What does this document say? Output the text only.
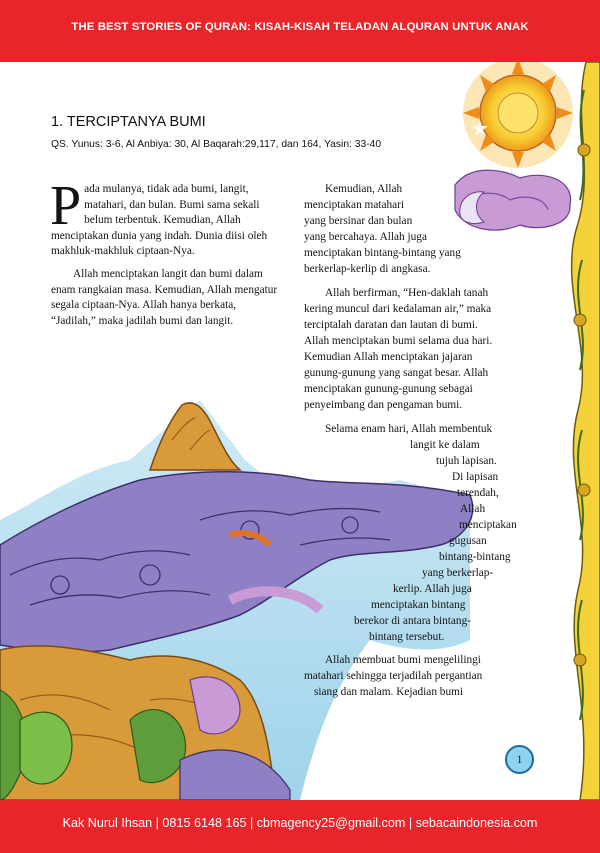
THE BEST STORIES OF QURAN: KISAH-KISAH TELADAN ALQURAN UNTUK ANAK
1. TERCIPTANYA BUMI
QS. Yunus: 3-6, Al Anbiya: 30, Al Baqarah:29,117, dan 164, Yasin: 33-40

Pada mulanya, tidak ada bumi, langit, matahari, dan bulan. Bumi sama sekali belum terbentuk. Kemudian, Allah menciptakan dunia yang indah. Dunia diisi oleh makhluk-makhluk ciptaan-Nya.

Allah menciptakan langit dan bumi dalam enam rangkaian masa. Kemudian, Allah mengatur segala ciptaan-Nya. Allah hanya berkata, “Jadilah,” maka jadilah bumi dan langit.

Kemudian, Allah
menciptakan matahari
yang bersinar dan bulan
yang bercahaya. Allah juga
menciptakan bintang-bintang yang
berkerlap-kerlip di angkasa.
Allah berfirman, “Hen-daklah tanah
kering muncul dari kedalaman air,” maka
terciptalah daratan dan lautan di bumi.
Allah menciptakan bumi selama dua hari.
Kemudian Allah menciptakan jajaran
gunung-gunung yang sangat besar. Allah
menciptakan gunung-gunung sebagai
penyeimbang dan pengaman bumi.
Selama enam hari, Allah membentuk
langit ke dalam
tujuh lapisan.
Di lapisan
terendah,
Allah
menciptakan
gugusan
bintang-bintang
yang berkerlap-
kerlip. Allah juga
menciptakan bintang
berekor di antara bintang-
bintang tersebut.
Allah membuat bumi mengelilingi
matahari sehingga terjadilah pergantian
siang dan malam. Kejadian bumi
1
Kak Nurul Ihsan | 0815 6148 165 | cbmagency25@gmail.com | sebacaindonesia.com
